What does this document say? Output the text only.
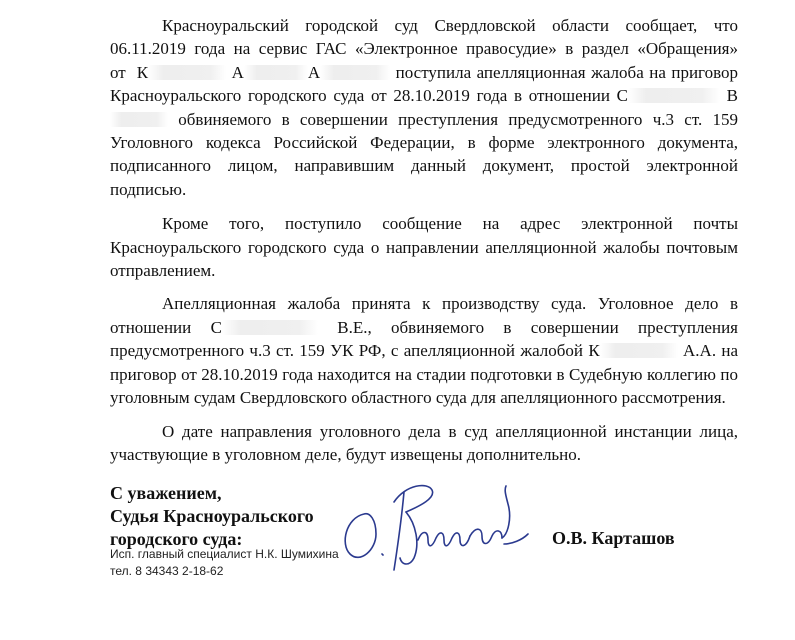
Красноуральский городской суд Свердловской области сообщает, что 06.11.2019 года на сервис ГАС «Электронное правосудие» в раздел «Обращения» от К	А	А	поступила апелляционная жалоба на приговор Красноуральского городского суда от 28.10.2019 года в отношении С	В обвиняемого в совершении преступления предусмотренного ч.3 ст. 159 Уголовного кодекса Российской Федерации, в форме электронного документа, подписанного лицом, направившим данный документ, простой электронной подписью.

Кроме того, поступило сообщение на адрес электронной почты Красноуральского городского суда о направлении апелляционной жалобы почтовым отправлением.

Апелляционная жалоба принята к производству суда. Уголовное дело в отношении С	В.Е., обвиняемого в совершении преступления предусмотренного ч.3 ст. 159 УК РФ, с апелляционной жалобой К	А.А. на приговор от 28.10.2019 года находится на стадии подготовки в Судебную коллегию по уголовным судам Свердловского областного суда для апелляционного рассмотрения.

О дате направления уголовного дела в суд апелляционной инстанции лица, участвующие в уголовном деле, будут извещены дополнительно.

С уважением,
Судья Красноуральского
городского суда:
Исп. главный специалист Н.К. Шумихина
тел. 8 34343 2-18-62
О.В. Карташов
